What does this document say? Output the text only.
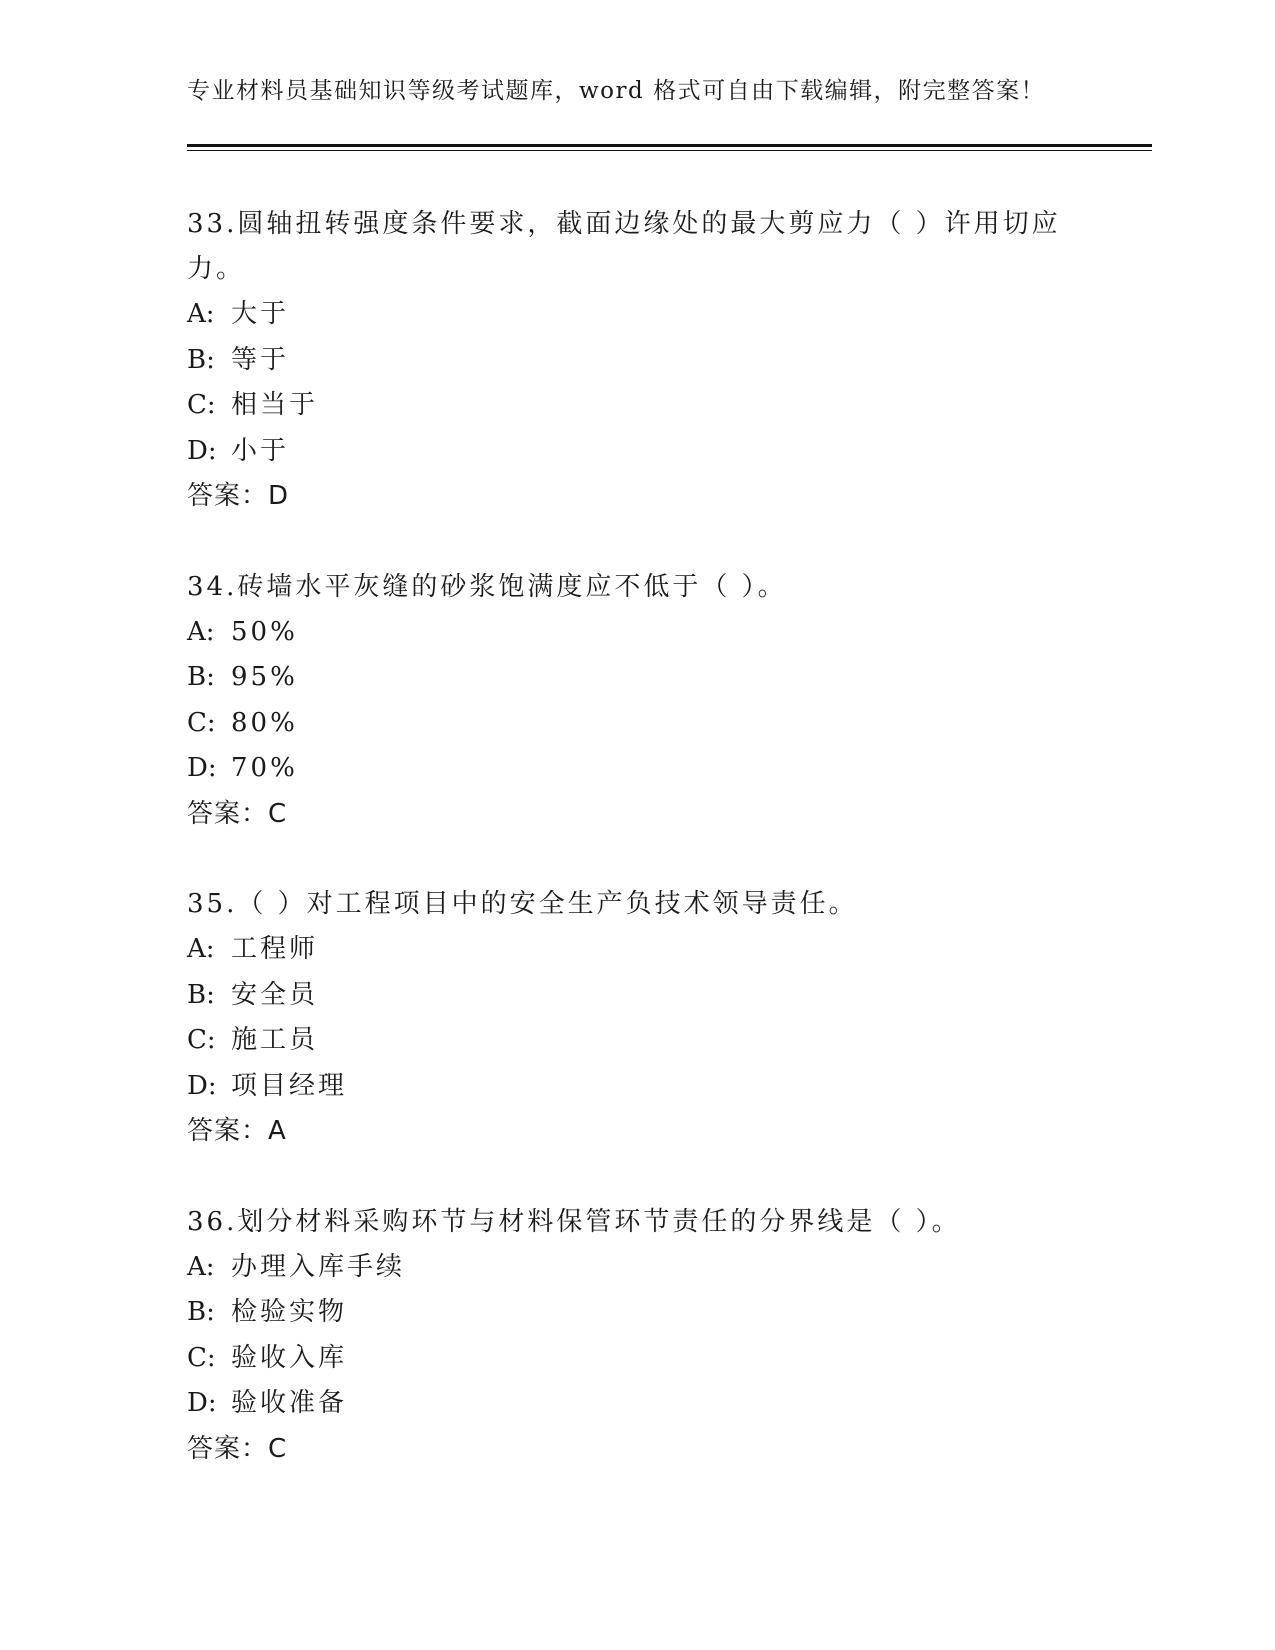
专业材料员基础知识等级考试题库，word 格式可自由下载编辑，附完整答案！

33.圆轴扭转强度条件要求，截面边缘处的最大剪应力（ ）许用切应力。

A: 大于
B: 等于
C: 相当于
D: 小于

答案：D

34.砖墙水平灰缝的砂浆饱满度应不低于（ ）。

A: 50%
B: 95%
C: 80%
D: 70%

答案：C

35.（ ）对工程项目中的安全生产负技术领导责任。

A: 工程师
B: 安全员
C: 施工员
D: 项目经理

答案：A

36.划分材料采购环节与材料保管环节责任的分界线是（ ）。

A: 办理入库手续
B: 检验实物
C: 验收入库
D: 验收准备

答案：C
